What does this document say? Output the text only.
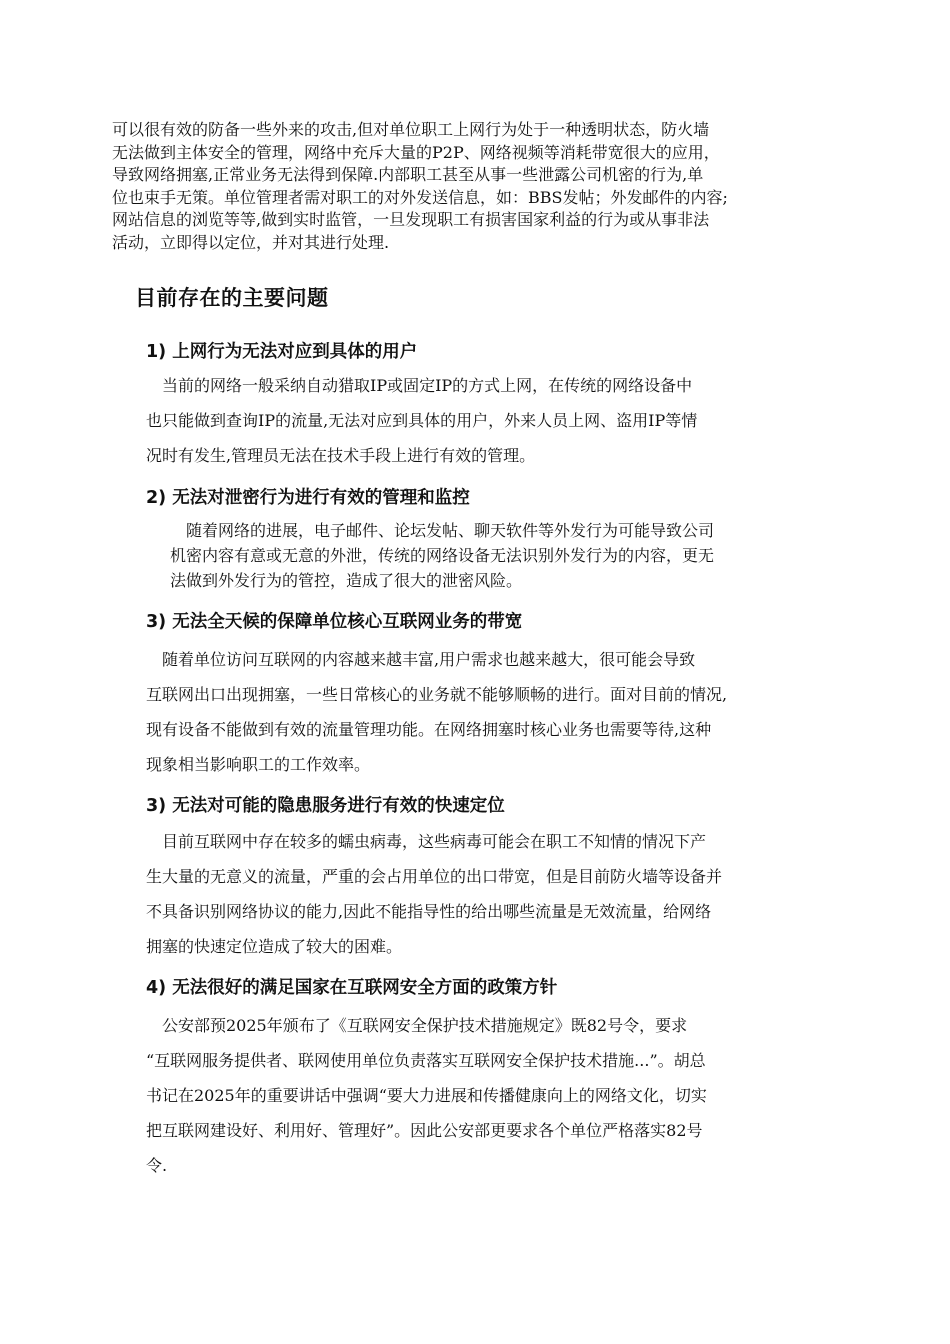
可以很有效的防备一些外来的攻击,但对单位职工上网行为处于一种透明状态，防火墙
无法做到主体安全的管理，网络中充斥大量的P2P、网络视频等消耗带宽很大的应用，
导致网络拥塞,正常业务无法得到保障.内部职工甚至从事一些泄露公司机密的行为,单
位也束手无策。单位管理者需对职工的对外发送信息，如：BBS发帖；外发邮件的内容;
网站信息的浏览等等,做到实时监管，一旦发现职工有损害国家利益的行为或从事非法
活动，立即得以定位，并对其进行处理.
目前存在的主要问题
1) 上网行为无法对应到具体的用户
　当前的网络一般采纳自动猎取IP或固定IP的方式上网，在传统的网络设备中
也只能做到查询IP的流量,无法对应到具体的用户，外来人员上网、盗用IP等情
况时有发生,管理员无法在技术手段上进行有效的管理。
2) 无法对泄密行为进行有效的管理和监控
　随着网络的进展，电子邮件、论坛发帖、聊天软件等外发行为可能导致公司
机密内容有意或无意的外泄，传统的网络设备无法识别外发行为的内容，更无
法做到外发行为的管控，造成了很大的泄密风险。
3) 无法全天候的保障单位核心互联网业务的带宽
　随着单位访问互联网的内容越来越丰富,用户需求也越来越大，很可能会导致
互联网出口出现拥塞，一些日常核心的业务就不能够顺畅的进行。面对目前的情况,
现有设备不能做到有效的流量管理功能。在网络拥塞时核心业务也需要等待,这种
现象相当影响职工的工作效率。
3) 无法对可能的隐患服务进行有效的快速定位
　目前互联网中存在较多的蠕虫病毒，这些病毒可能会在职工不知情的情况下产
生大量的无意义的流量，严重的会占用单位的出口带宽，但是目前防火墙等设备并
不具备识别网络协议的能力,因此不能指导性的给出哪些流量是无效流量，给网络
拥塞的快速定位造成了较大的困难。
4) 无法很好的满足国家在互联网安全方面的政策方针
　公安部预2025年颁布了《互联网安全保护技术措施规定》既82号令，要求
“互联网服务提供者、联网使用单位负责落实互联网安全保护技术措施...”。胡总
书记在2025年的重要讲话中强调“要大力进展和传播健康向上的网络文化，切实
把互联网建设好、利用好、管理好”。因此公安部更要求各个单位严格落实82号
令.
